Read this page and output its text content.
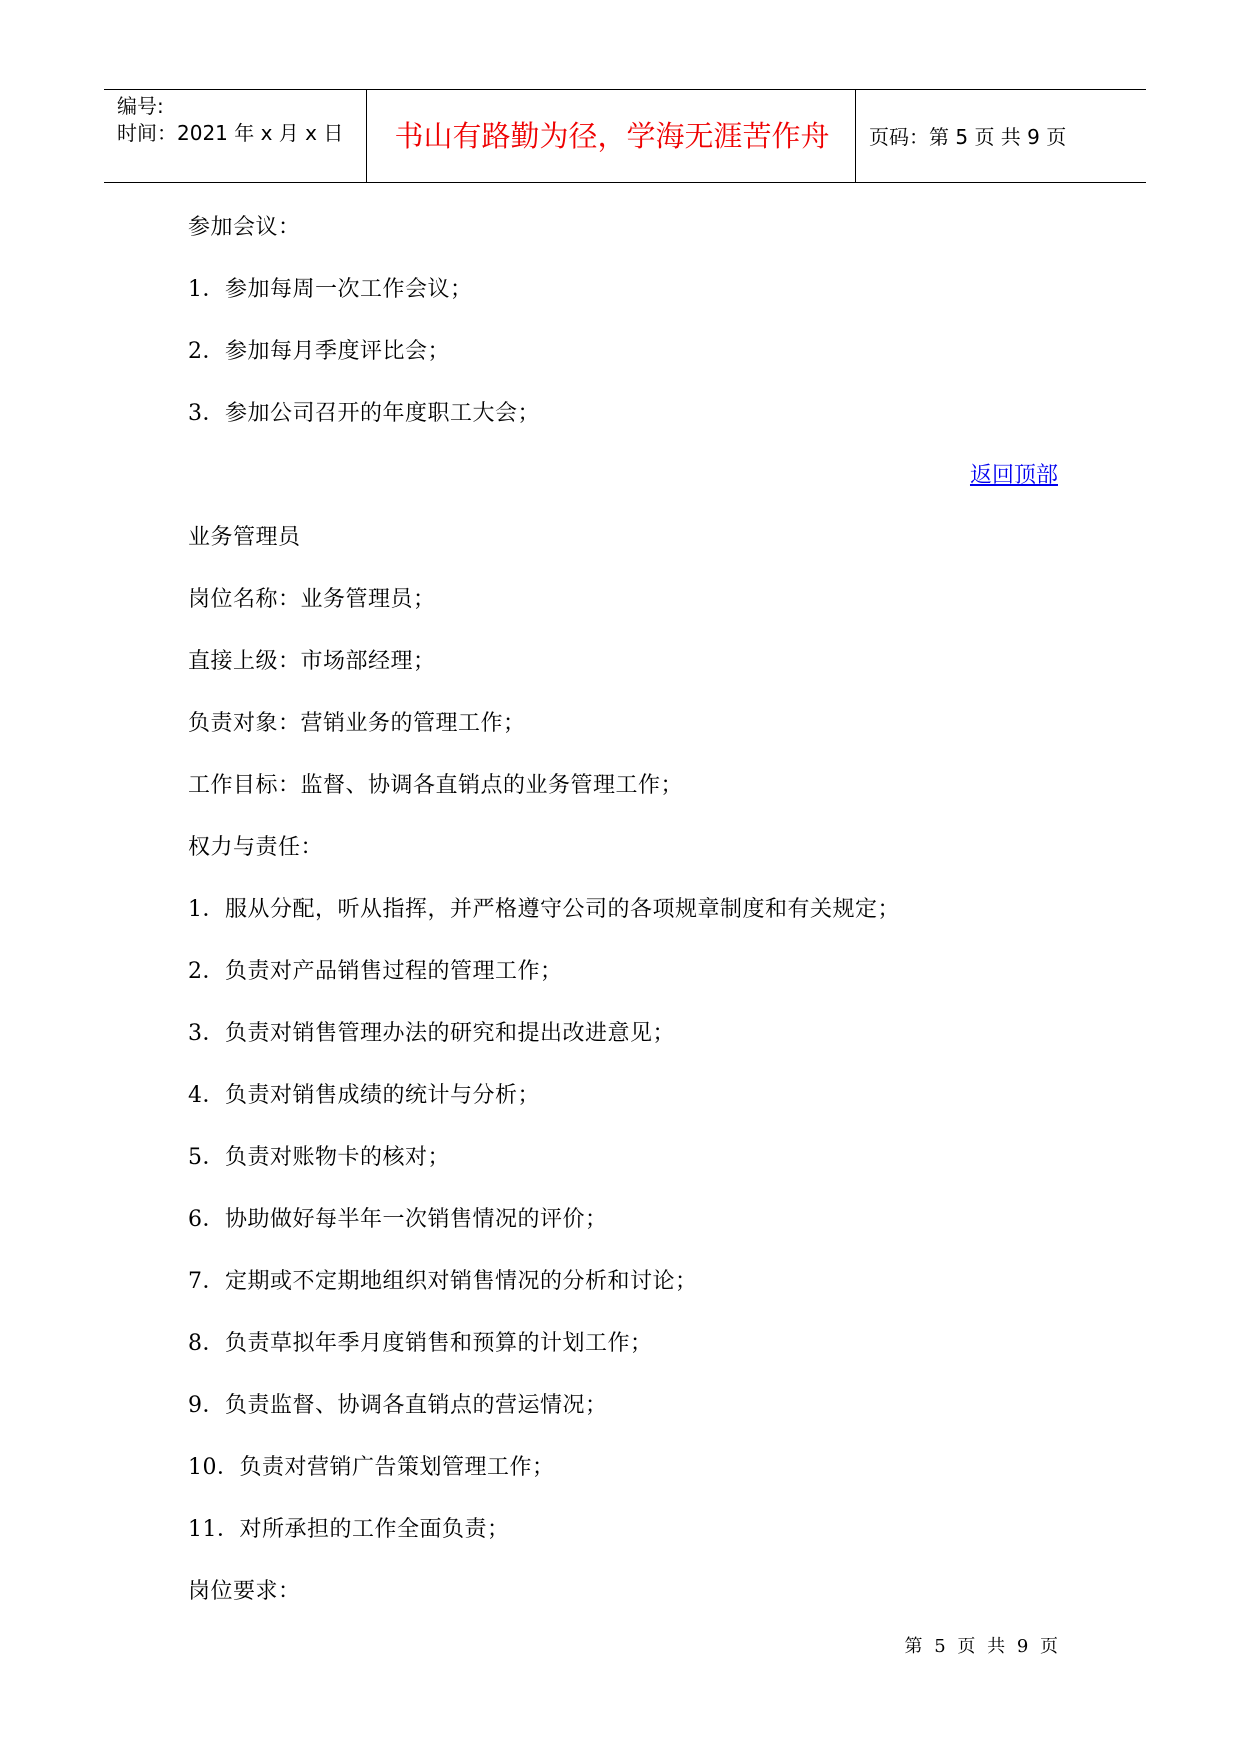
编号:
时间：2021 年 x 月 x 日	书山有路勤为径，学海无涯苦作舟	页码：第 5 页 共 9 页
参加会议：
1．参加每周一次工作会议；
2．参加每月季度评比会；
3．参加公司召开的年度职工大会；
返回顶部
业务管理员
岗位名称：业务管理员；
直接上级：市场部经理；
负责对象：营销业务的管理工作；
工作目标：监督、协调各直销点的业务管理工作；
权力与责任：
1．服从分配，听从指挥，并严格遵守公司的各项规章制度和有关规定；
2．负责对产品销售过程的管理工作；
3．负责对销售管理办法的研究和提出改进意见；
4．负责对销售成绩的统计与分析；
5．负责对账物卡的核对；
6．协助做好每半年一次销售情况的评价；
7．定期或不定期地组织对销售情况的分析和讨论；
8．负责草拟年季月度销售和预算的计划工作；
9．负责监督、协调各直销点的营运情况；
10．负责对营销广告策划管理工作；
11．对所承担的工作全面负责；
岗位要求：
第 5 页 共 9 页
